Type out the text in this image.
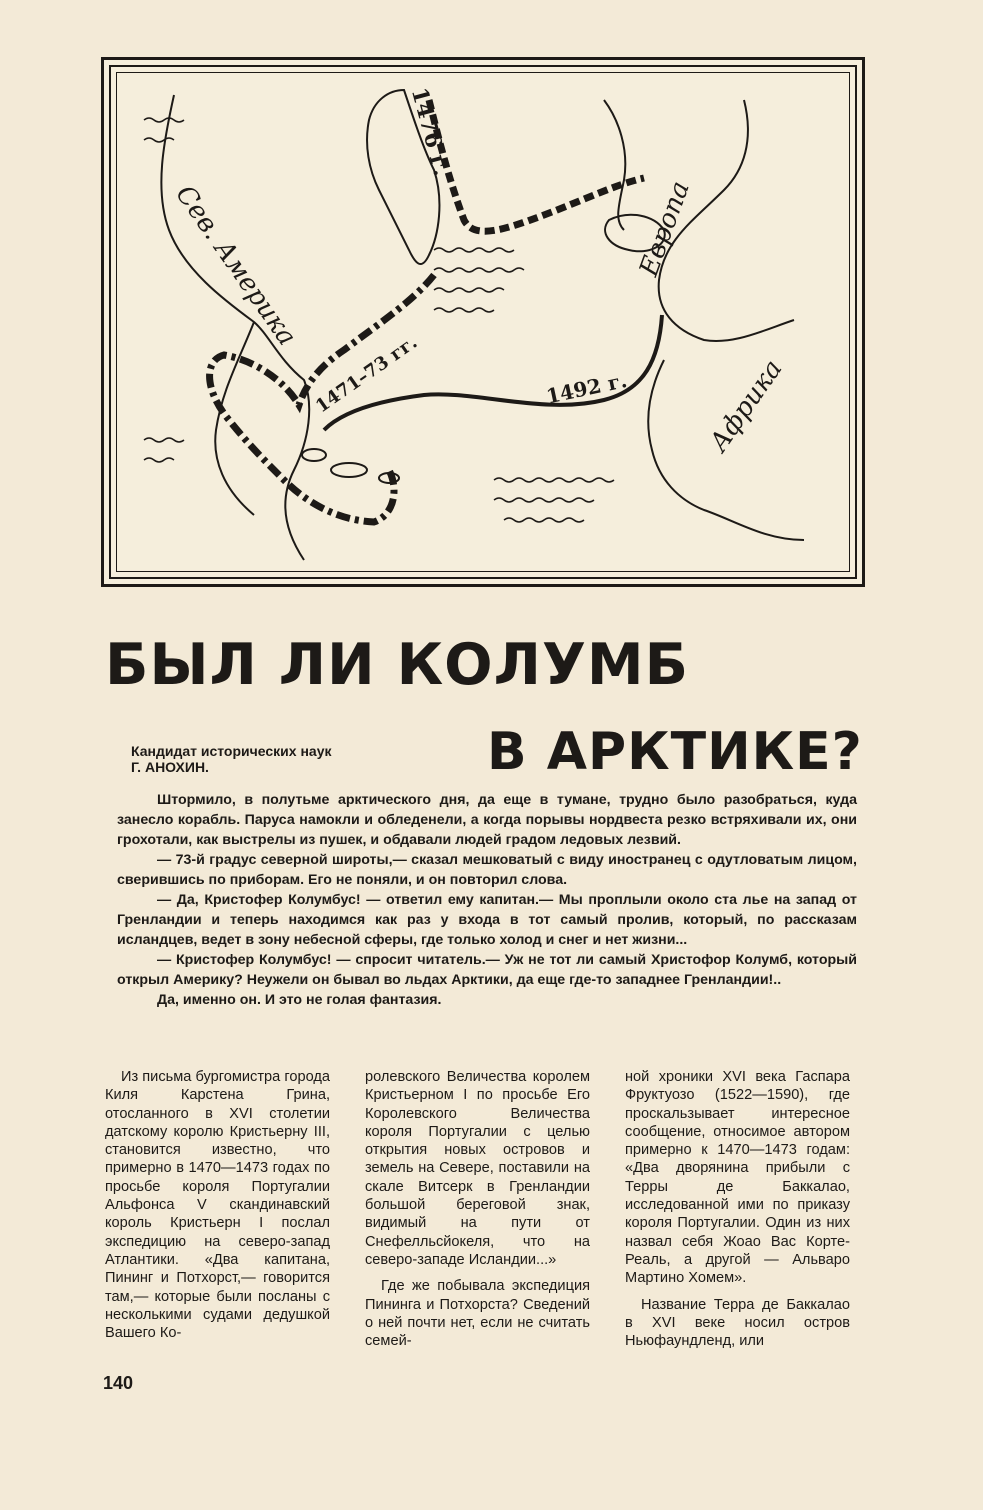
Сев. Америка	Европа
Африка
1476 г.
1471–73 гг.	1492 г.
БЫЛ ЛИ КОЛУМБ
В АРКТИКЕ?
Кандидат исторических наук
Г. АНОХИН.

Штормило, в полутьме арктического дня, да еще в тумане, трудно было разобраться, куда занесло корабль. Паруса намокли и обледенели, а когда порывы нордвеста резко встряхивали их, они грохотали, как выстрелы из пушек, и обдавали людей градом ледовых лезвий.

— 73-й градус северной широты,— сказал мешковатый с виду иностранец с одутловатым лицом, сверившись по приборам. Его не поняли, и он повторил слова.

— Да, Кристофер Колумбус! — ответил ему капитан.— Мы проплыли около ста лье на запад от Гренландии и теперь находимся как раз у входа в тот самый пролив, который, по рассказам исландцев, ведет в зону небесной сферы, где только холод и снег и нет жизни...

— Кристофер Колумбус! — спросит читатель.— Уж не тот ли самый Христофор Колумб, который открыл Америку? Неужели он бывал во льдах Арктики, да еще где-то западнее Гренландии!..

Да, именно он. И это не голая фантазия.

Из письма бургомистра города Киля Карстена Грина, отосланного в XVI столетии датскому королю Кристьерну III, становится известно, что примерно в 1470—1473 годах по просьбе короля Португалии Альфонса V скандинавский король Кристьерн I послал экспедицию на северо-запад Атлантики. «Два капитана, Пининг и Потхорст,— говорится там,— которые были посланы с несколькими судами дедушкой Вашего Ко-

ролевского Величества королем Кристьерном I по просьбе Его Королевского Величества короля Португалии с целью открытия новых островов и земель на Севере, поставили на скале Витсерк в Гренландии большой береговой знак, видимый на пути от Снефелльсйокеля, что на северо-западе Исландии...»

Где же побывала экспедиция Пининга и Потхорста? Сведений о ней почти нет, если не считать семей-

ной хроники XVI века Гаспара Фруктуозо (1522—1590), где проскальзывает интересное сообщение, относимое автором примерно к 1470—1473 годам: «Два дворянина прибыли с Терры де Баккалао, исследованной ими по приказу короля Португалии. Один из них назвал себя Жоао Вас Корте-Реаль, а другой — Альваро Мартино Хомем».

Название Терра де Баккалао в XVI веке носил остров Ньюфаундленд, или

140
